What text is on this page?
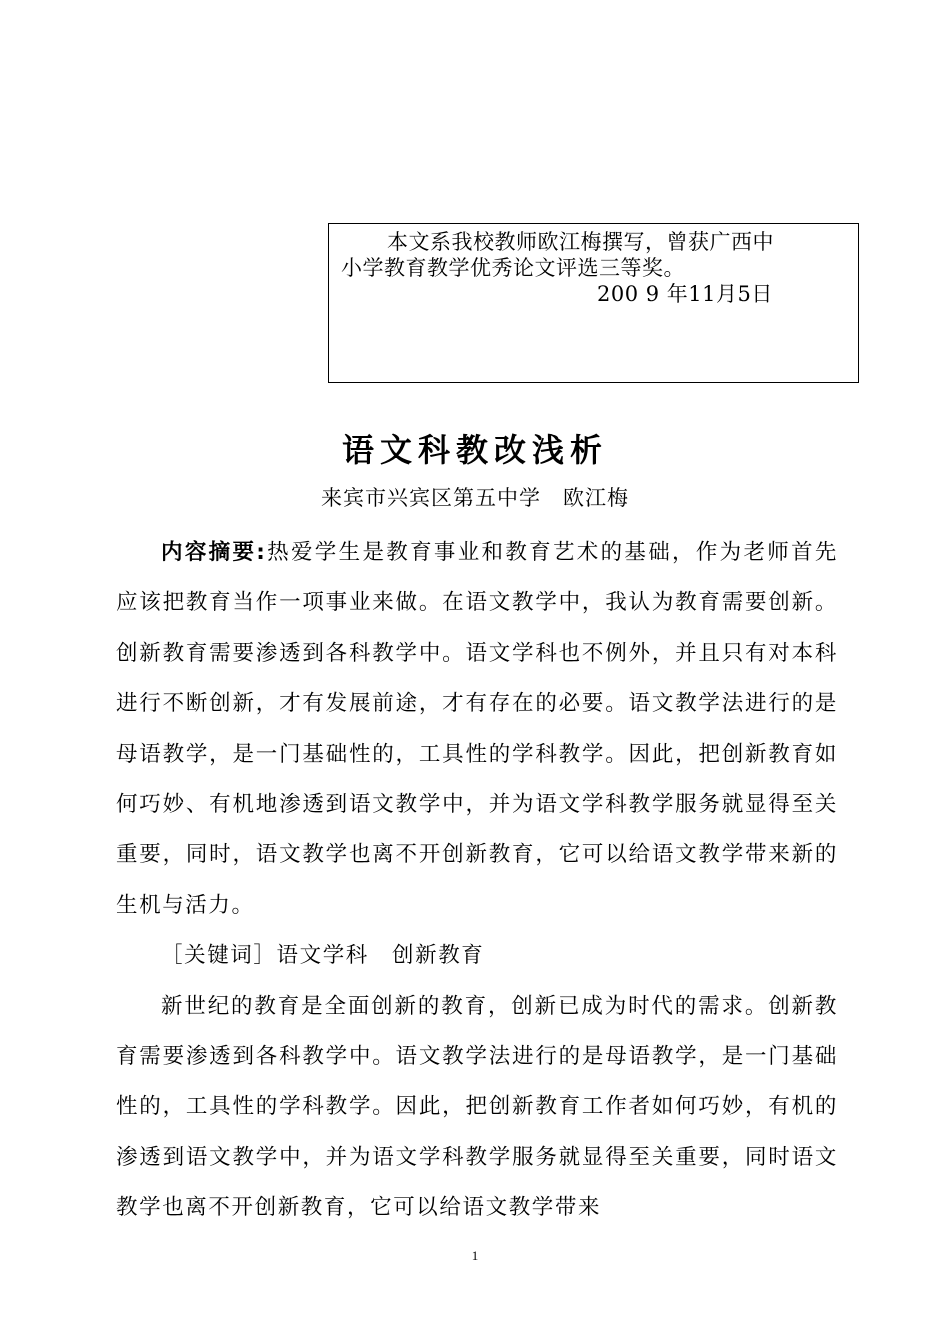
本文系我校教师欧江梅撰写，曾获广西中

小学教育教学优秀论文评选三等奖。

200 9 年11月5日

语文科教改浅析

来宾市兴宾区第五中学　欧江梅

内容摘要:热爱学生是教育事业和教育艺术的基础，作为老师首先应该把教育当作一项事业来做。在语文教学中，我认为教育需要创新。创新教育需要渗透到各科教学中。语文学科也不例外，并且只有对本科进行不断创新，才有发展前途，才有存在的必要。语文教学法进行的是母语教学，是一门基础性的，工具性的学科教学。因此，把创新教育如何巧妙、有机地渗透到语文教学中，并为语文学科教学服务就显得至关重要，同时，语文教学也离不开创新教育，它可以给语文教学带来新的生机与活力。

［关键词］语文学科　创新教育

新世纪的教育是全面创新的教育，创新已成为时代的需求。创新教育需要渗透到各科教学中。语文教学法进行的是母语教学，是一门基础性的，工具性的学科教学。因此，把创新教育工作者如何巧妙，有机的渗透到语文教学中，并为语文学科教学服务就显得至关重要，同时语文教学也离不开创新教育，它可以给语文教学带来

1
